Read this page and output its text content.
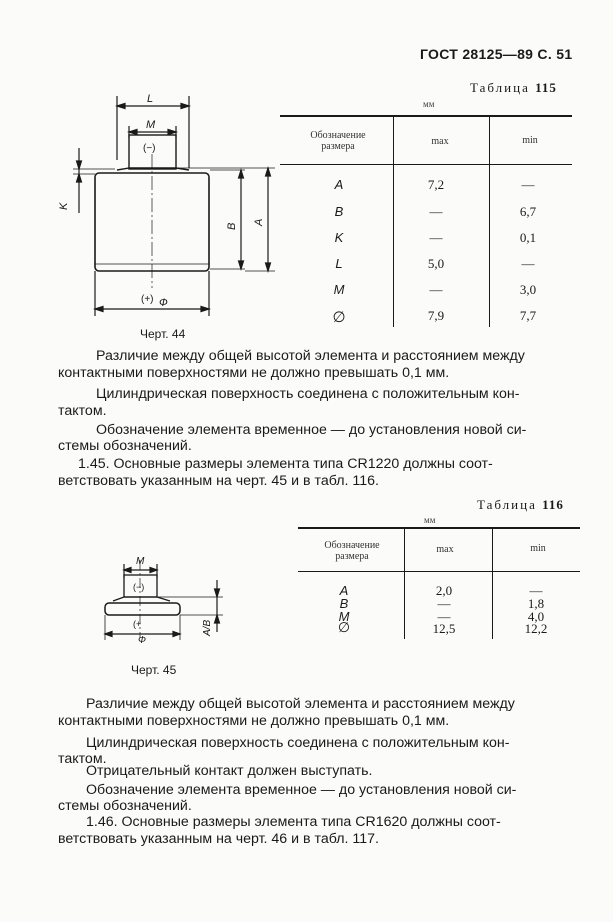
ГОСТ 28125—89 С. 51
L
M
(−)
K
B
A
(+) Ф
Черт. 44
Таблица 115
мм
Обозначение
размера	max	min
A	7,2	—
B	—	6,7
K	—	0,1
L	5,0	—
M	—	3,0
∅	7,9	7,7
Различие между общей высотой элемента и расстоянием между
контактными поверхностями не должно превышать 0,1 мм.
Цилиндрическая поверхность соединена с положительным кон-
тактом.
Обозначение элемента временное — до установления новой си-
стемы обозначений.
1.45. Основные размеры элемента типа CR1220 должны соот-
ветствовать указанным на черт. 45 и в табл. 116.
Таблица 116
мм
Обозначение
размера
max	min
A	2,0	—
B	—	1,8
M	—	4,0
∅	12,5	12,2
M
(−)
(+
Ф
A/B
Черт. 45
Различие между общей высотой элемента и расстоянием между
контактными поверхностями не должно превышать 0,1 мм.
Цилиндрическая поверхность соединена с положительным кон-
тактом.
Отрицательный контакт должен выступать.
Обозначение элемента временное — до установления новой си-
стемы обозначений.
1.46. Основные размеры элемента типа CR1620 должны соот-
ветствовать указанным на черт. 46 и в табл. 117.
